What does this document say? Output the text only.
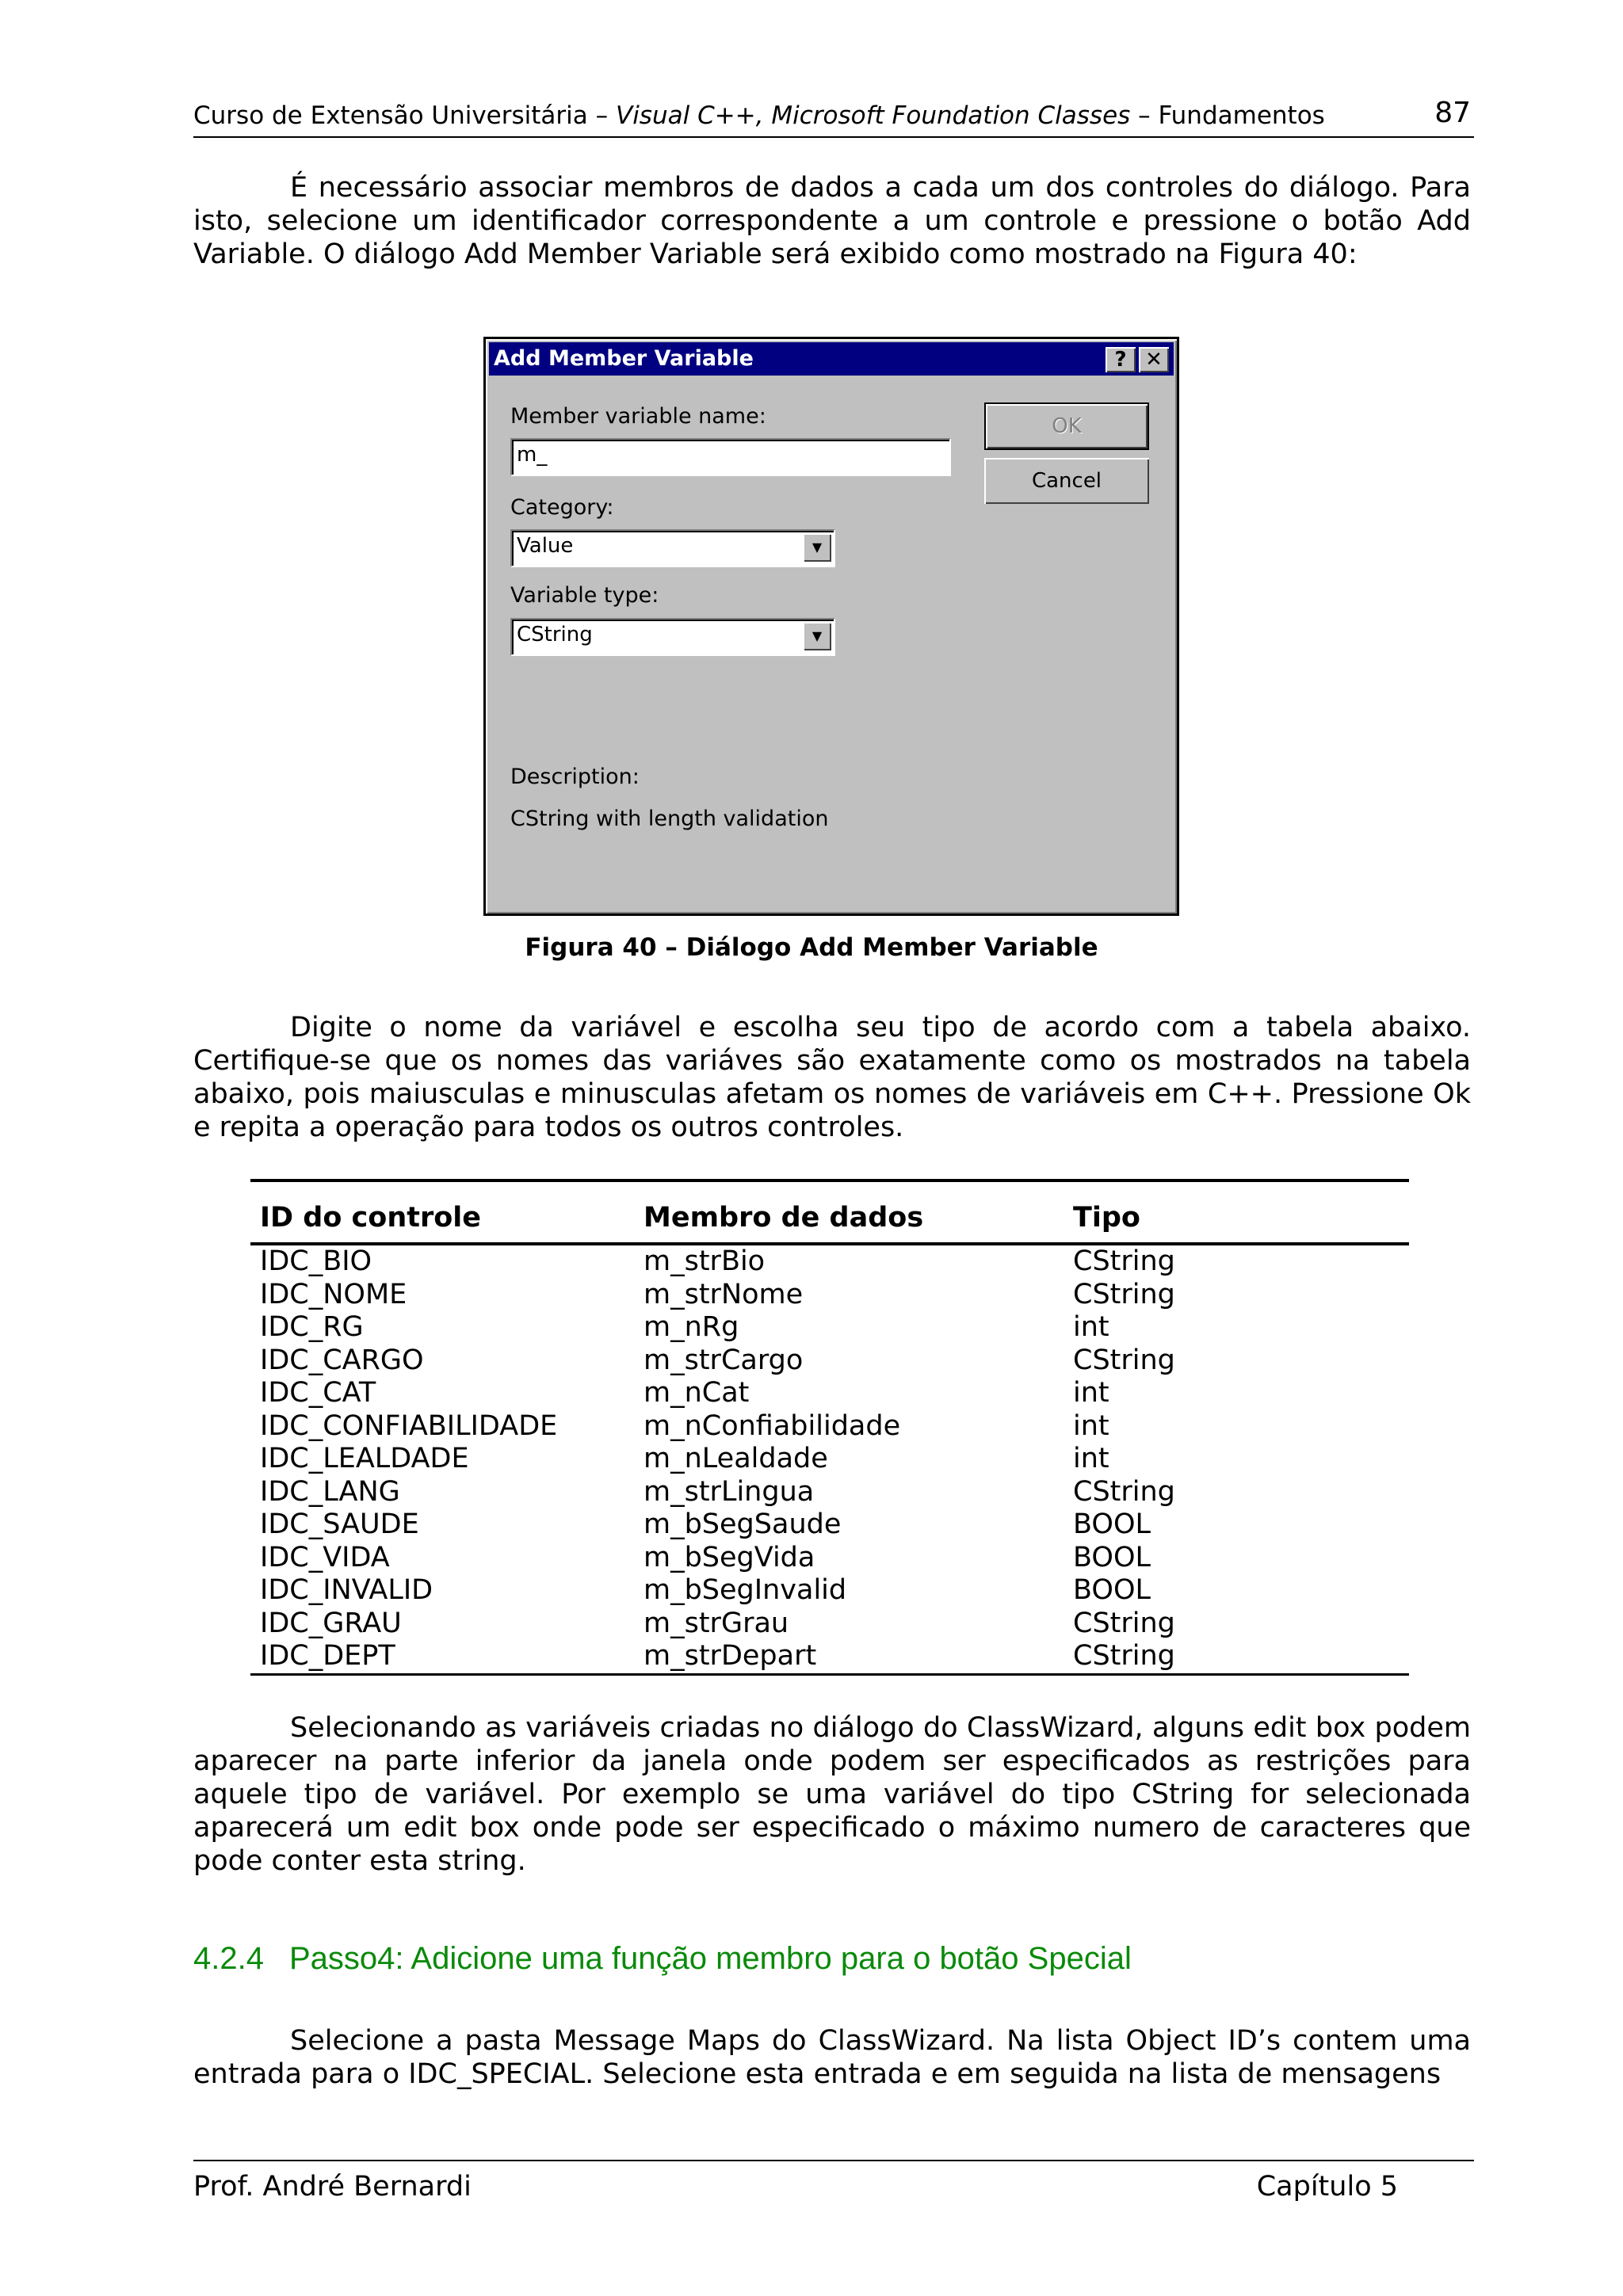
Curso de Extensão Universitária – Visual C++, Microsoft Foundation Classes – Fundamentos	87

É necessário associar membros de dados a cada um dos controles do diálogo. Para isto, selecione um identificador correspondente a um controle e pressione o botão Add Variable. O diálogo Add Member Variable será exibido como mostrado na Figura 40:

Add Member Variable	? ✕
Member variable name:
m_
Category:
Value	▼
Variable type:
CString	▼
OK
Cancel
Description:
CString with length validation
Figura 40 – Diálogo Add Member Variable

Digite o nome da variável e escolha seu tipo de acordo com a tabela abaixo. Certifique-se que os nomes das variáves são exatamente como os mostrados na tabela abaixo, pois maiusculas e minusculas afetam os nomes de variáveis em C++. Pressione Ok e repita a operação para todos os outros controles.

ID do controle	Membro de dados	Tipo
IDC_BIO	m_strBio	CString
IDC_NOME	m_strNome	CString
IDC_RG	m_nRg	int
IDC_CARGO	m_strCargo	CString
IDC_CAT	m_nCat	int
IDC_CONFIABILIDADE	m_nConfiabilidade	int
IDC_LEALDADE	m_nLealdade	int
IDC_LANG	m_strLingua	CString
IDC_SAUDE	m_bSegSaude	BOOL
IDC_VIDA	m_bSegVida	BOOL
IDC_INVALID	m_bSegInvalid	BOOL
IDC_GRAU	m_strGrau	CString
IDC_DEPT	m_strDepart	CString

Selecionando as variáveis criadas no diálogo do ClassWizard, alguns edit box podem aparecer na parte inferior da janela onde podem ser especificados as restrições para aquele tipo de variável. Por exemplo se uma variável do tipo CString for selecionada aparecerá um edit box onde pode ser especificado o máximo numero de caracteres que pode conter esta string.

4.2.4 Passo4: Adicione uma função membro para o botão Special

Selecione a pasta Message Maps do ClassWizard. Na lista Object ID’s contem uma entrada para o IDC_SPECIAL. Selecione esta entrada e em seguida na lista de mensagens

Prof. André Bernardi	Capítulo 5
